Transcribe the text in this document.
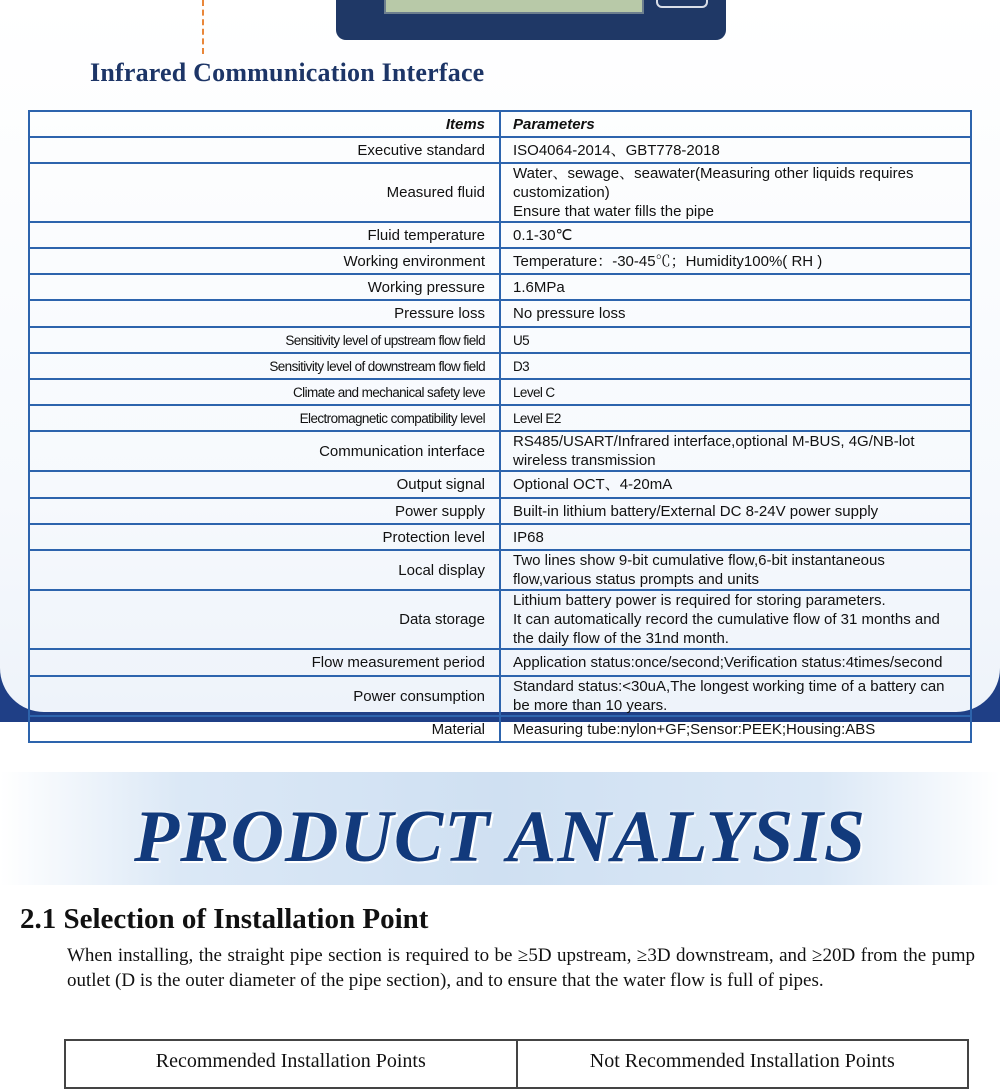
Infrared Communication Interface
Items	Parameters
Executive standard	ISO4064-2014、GBT778-2018

Measured fluid	Water、sewage、seawater(Measuring other liquids requires customization)
Ensure that water fills the pipe

Fluid temperature	0.1-30℃

Working environment	Temperature：-30-45℃；Humidity100%( RH )

Working pressure	1.6MPa

Pressure loss	No pressure loss

Sensitivity level of upstream flow field	U5

Sensitivity level of downstream flow field	D3

Climate and mechanical safety leve	Level C

Electromagnetic compatibility level	Level E2

Communication interface	RS485/USART/Infrared interface,optional M-BUS, 4G/NB-lot wireless transmission

Output signal	Optional OCT、4-20mA

Power supply	Built-in lithium battery/External DC 8-24V power supply

Protection level	IP68

Local display	Two lines show 9-bit cumulative flow,6-bit instantaneous flow,various status prompts and units

Data storage	Lithium battery power is required for storing parameters.
It can automatically record the cumulative flow of 31 months and the daily flow of the 31nd month.

Flow measurement period	Application status:once/second;Verification status:4times/second

Power consumption	Standard status:<30uA,The longest working time of a battery can be more than 10 years.

Material	Measuring tube:nylon+GF;Sensor:PEEK;Housing:ABS
PRODUCT ANALYSIS
2.1 Selection of Installation Point

When installing, the straight pipe section is required to be ≥5D upstream, ≥3D downstream, and ≥20D from the pump outlet (D is the outer diameter of the pipe section), and to ensure that the water flow is full of pipes.

Recommended Installation Points	Not Recommended Installation Points
